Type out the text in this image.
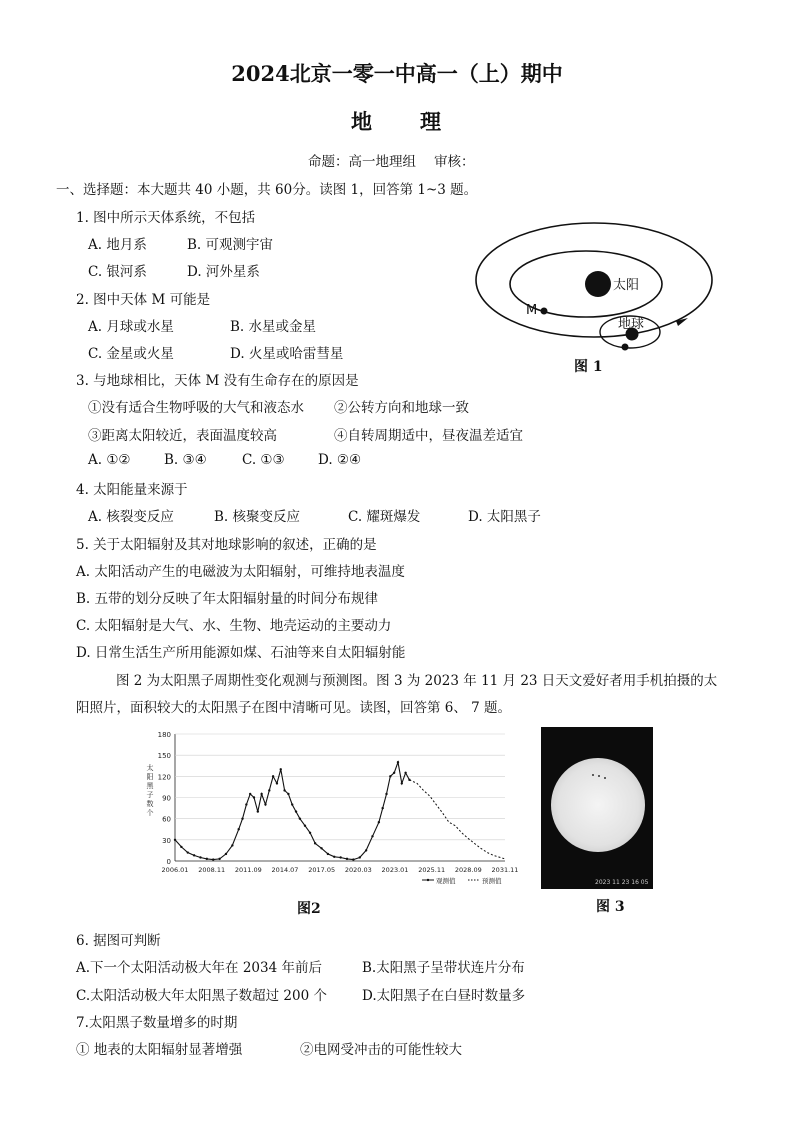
2024北京一零一中高一（上）期中
地 理
命题：高一地理组 审核：
一、选择题：本大题共 40 小题，共 60分。读图 1，回答第 1~3 题。
1. 图中所示天体系统，不包括
A. 地月系	B. 可观测宇宙
C. 银河系	D. 河外星系
2. 图中天体 M 可能是
A. 月球或水星	B. 水星或金星
C. 金星或火星	D. 火星或哈雷彗星
太阳
M
地球
图 1
3. 与地球相比，天体 M 没有生命存在的原因是
①没有适合生物呼吸的大气和液态水 ②公转方向和地球一致
③距离太阳较近，表面温度较高	④自转周期适中，昼夜温差适宜
A. ①② B. ③④	C. ①③ D. ②④
4. 太阳能量来源于
A. 核裂变反应	B. 核聚变反应	C. 耀斑爆发	D. 太阳黑子
5. 关于太阳辐射及其对地球影响的叙述，正确的是
A. 太阳活动产生的电磁波为太阳辐射，可维持地表温度
B. 五带的划分反映了年太阳辐射量的时间分布规律
C. 太阳辐射是大气、水、生物、地壳运动的主要动力
D. 日常生活生产所用能源如煤、石油等来自太阳辐射能
图 2 为太阳黑子周期性变化观测与预测图。图 3 为 2023 年 11 月 23 日天文爱好者用手机拍摄的太
阳照片，面积较大的太阳黑子在图中清晰可见。读图，回答第 6、 7 题。
0
30
60
90
120
150
180
2006.01 2008.11 2011.09 2014.07 2017.05 2020.03 2023.01 2025.11 2028.09 2031.11
太
阳
黑
子
数
个
观测值	预测值
图2
2023 11 23 16 05
图 3
6. 据图可判断
A.下一个太阳活动极大年在 2034 年前后	B.太阳黑子呈带状连片分布
C.太阳活动极大年太阳黑子数超过 200 个	D.太阳黑子在白昼时数量多
7.太阳黑子数量增多的时期
① 地表的太阳辐射显著增强	②电网受冲击的可能性较大
